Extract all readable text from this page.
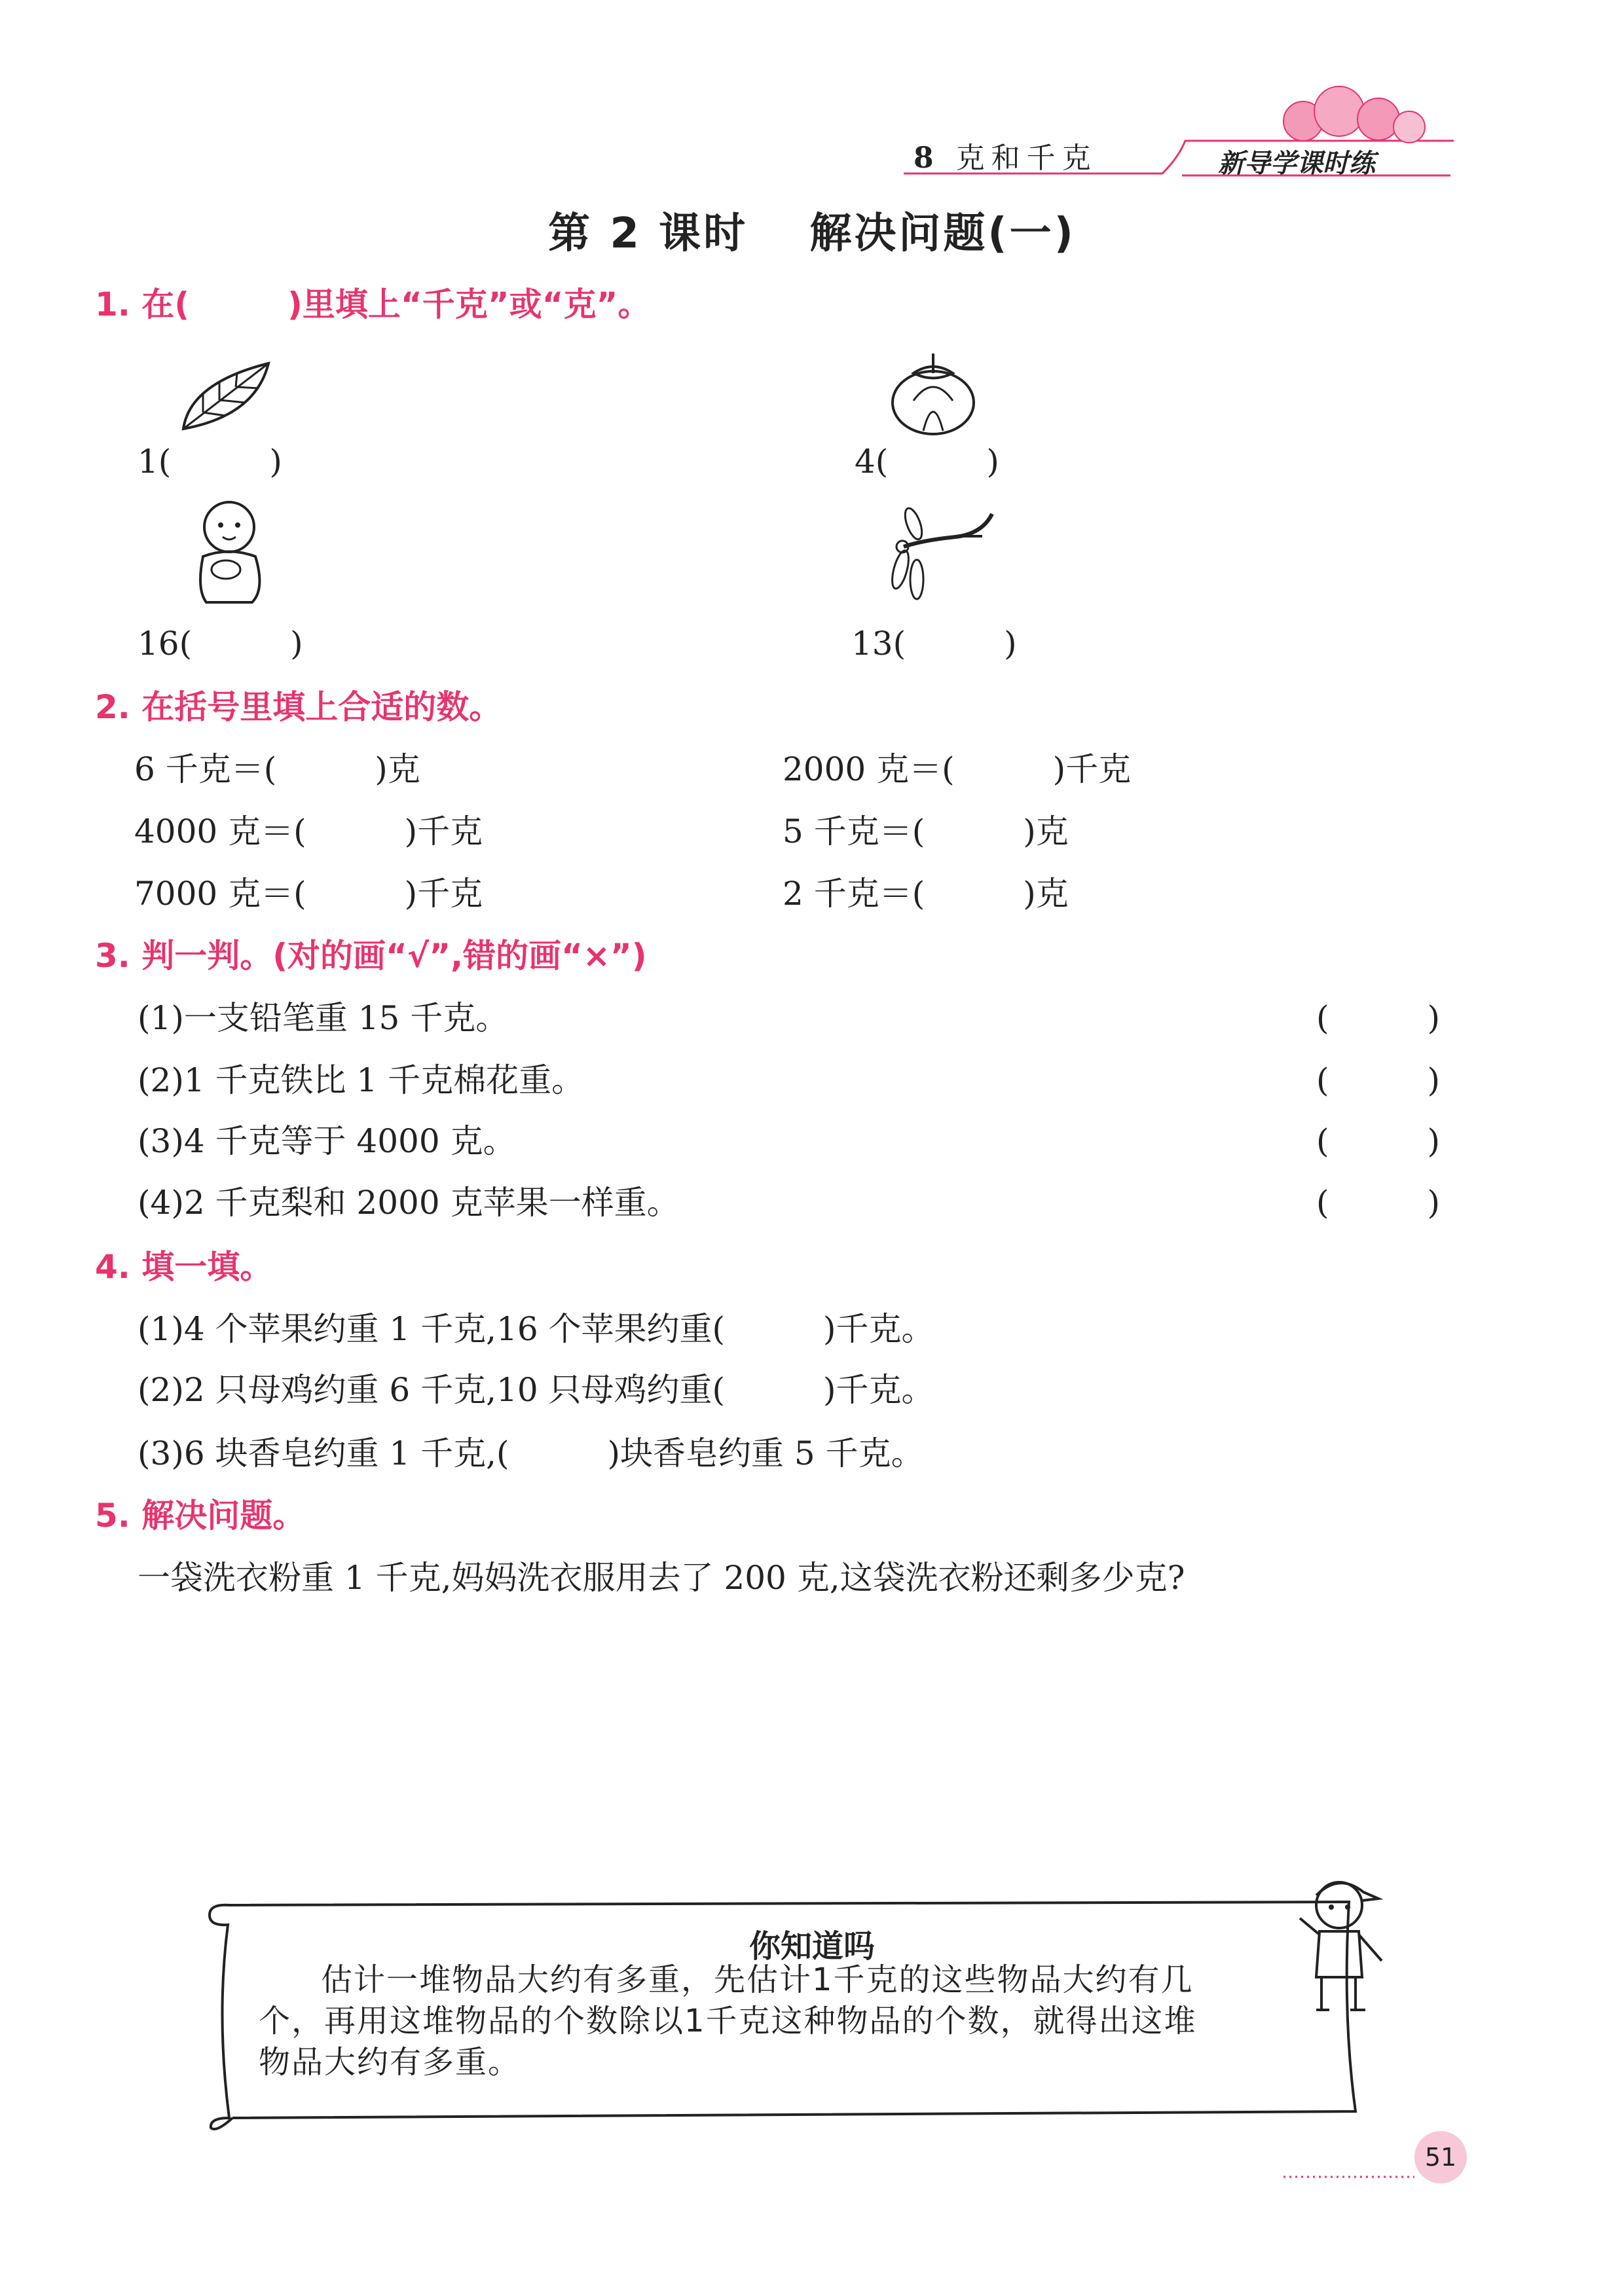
8 克和千克	新导学课时练
第 2 课时　 解决问题(一)
1. 在(　　　)里填上“千克”或“克”。
1(　　　)	4(　　　)
16(　　　)	13(　　　)
2. 在括号里填上合适的数。
6 千克＝(　　　)克	2000 克＝(　　　)千克
4000 克＝(　　　)千克	5 千克＝(　　　)克
7000 克＝(　　　)千克	2 千克＝(　　　)克
3. 判一判。(对的画“√”,错的画“×”)
(1)一支铅笔重 15 千克。	(　　　)
(2)1 千克铁比 1 千克棉花重。	(　　　)
(3)4 千克等于 4000 克。	(　　　)
(4)2 千克梨和 2000 克苹果一样重。	(　　　)
4. 填一填。
(1)4 个苹果约重 1 千克,16 个苹果约重(　　　)千克。
(2)2 只母鸡约重 6 千克,10 只母鸡约重(　　　)千克。
(3)6 块香皂约重 1 千克,(　　　)块香皂约重 5 千克。
5. 解决问题。
一袋洗衣粉重 1 千克,妈妈洗衣服用去了 200 克,这袋洗衣粉还剩多少克?
你知道吗
估计一堆物品大约有多重，先估计1千克的这些物品大约有几
个，再用这堆物品的个数除以1千克这种物品的个数，就得出这堆
物品大约有多重。
51
